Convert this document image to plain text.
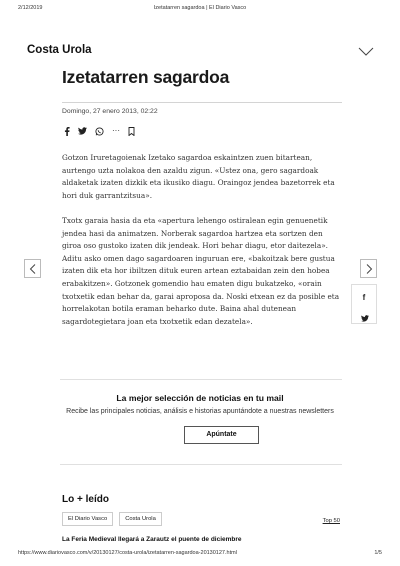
2/12/2019	Izetatarren sagardoa | El Diario Vasco
Costa Urola
Izetatarren sagardoa
Domingo, 27 enero 2013, 02:22
···

Gotzon Iruretagoienak Izetako sagardoa eskaintzen zuen bitartean, aurtengo uzta nolakoa den azaldu zigun. «Ustez ona, gero sagardoak aldaketak izaten dizkik eta ikusiko diagu. Oraingoz jendea bazetorrek eta hori duk garrantzitsua».

Txotx garaia hasia da eta «apertura lehengo ostiralean egin genuenetik jendea hasi da animatzen. Norberak sagardoa hartzea eta sortzen den giroa oso gustoko izaten dik jendeak. Hori behar diagu, etor daitezela». Aditu asko omen dago sagardoaren inguruan ere, «bakoitzak bere gustua izaten dik eta hor ibiltzen dituk euren artean eztabaidan zein den hobea erabakitzen». Gotzonek gomendio hau ematen digu bukatzeko, «orain txotxetik edan behar da, garai aproposa da. Noski etxean ez da posible eta horrelakotan botila eraman beharko dute. Baina ahal dutenean sagardotegietara joan eta txotxetik edan dezatela».

f
La mejor selección de noticias en tu mail
Recibe las principales noticias, análisis e historias apuntándote a nuestras newsletters
Apúntate
Lo + leído
El Diario Vasco	Costa Urola	Top 50
La Feria Medieval llegará a Zarautz el puente de diciembre
https://www.diariovasco.com/v/20130127/costa-urola/izetatarren-sagardoa-20130127.html	1/5
